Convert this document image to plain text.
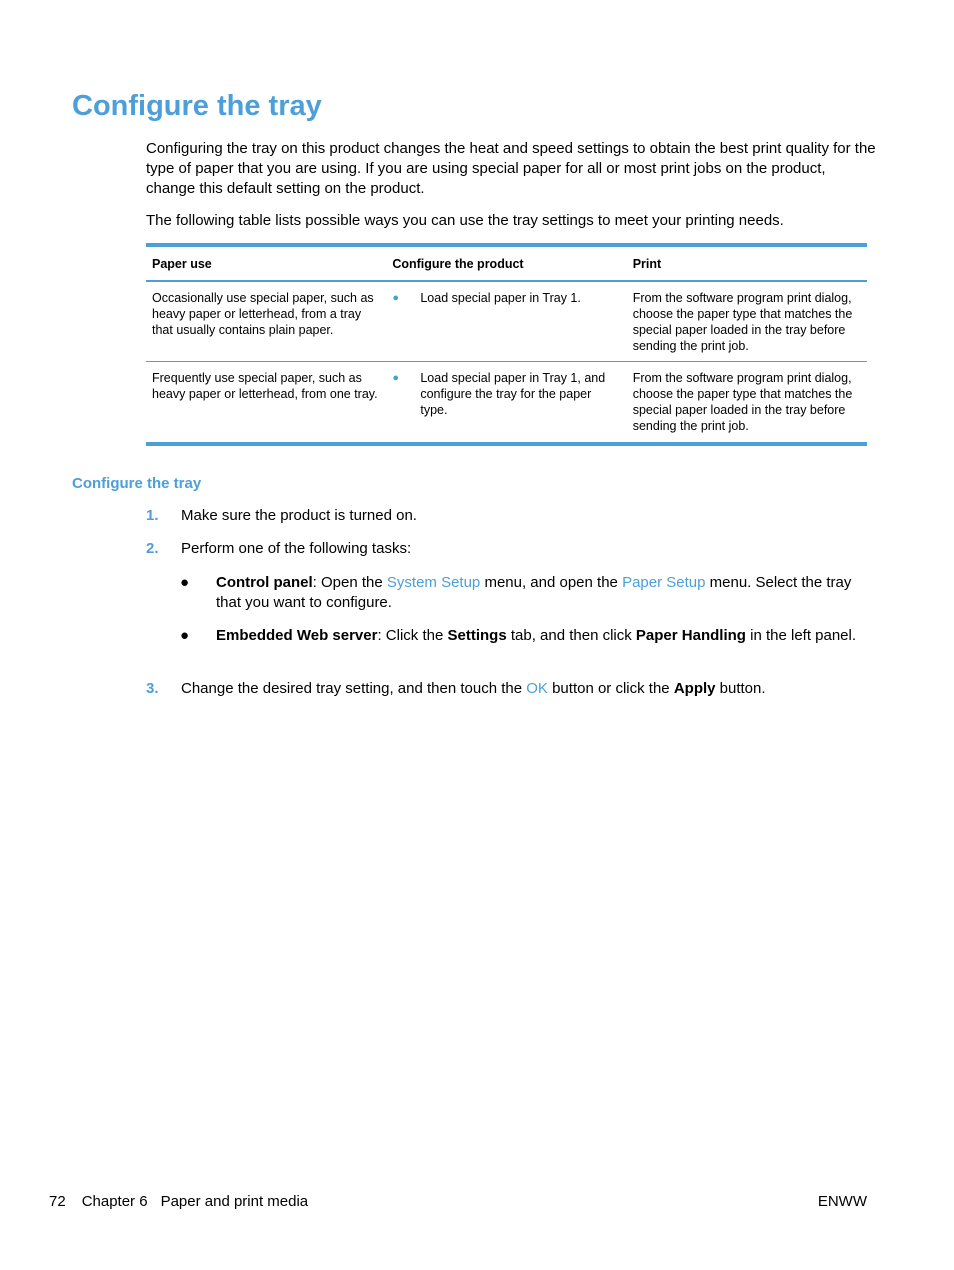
Configure the tray

Configuring the tray on this product changes the heat and speed settings to obtain the best print quality for the type of paper that you are using. If you are using special paper for all or most print jobs on the product, change this default setting on the product.

The following table lists possible ways you can use the tray settings to meet your printing needs.

Paper use	Configure the product	Print
Occasionally use special paper, such as heavy paper or letterhead, from a tray that usually contains plain paper.	● Load special paper in Tray 1.	From the software program print dialog, choose the paper type that matches the special paper loaded in the tray before sending the print job.
Frequently use special paper, such as heavy paper or letterhead, from one tray.	● Load special paper in Tray 1, and configure the tray for the paper type.	From the software program print dialog, choose the paper type that matches the special paper loaded in the tray before sending the print job.
Configure the tray
1. Make sure the product is turned on.
2. Perform one of the following tasks:
● Control panel: Open the System Setup menu, and open the Paper Setup menu. Select the tray that you want to configure.
● Embedded Web server: Click the Settings tab, and then click Paper Handling in the left panel.
3. Change the desired tray setting, and then touch the OK button or click the Apply button.
72 Chapter 6 Paper and print media	ENWW
